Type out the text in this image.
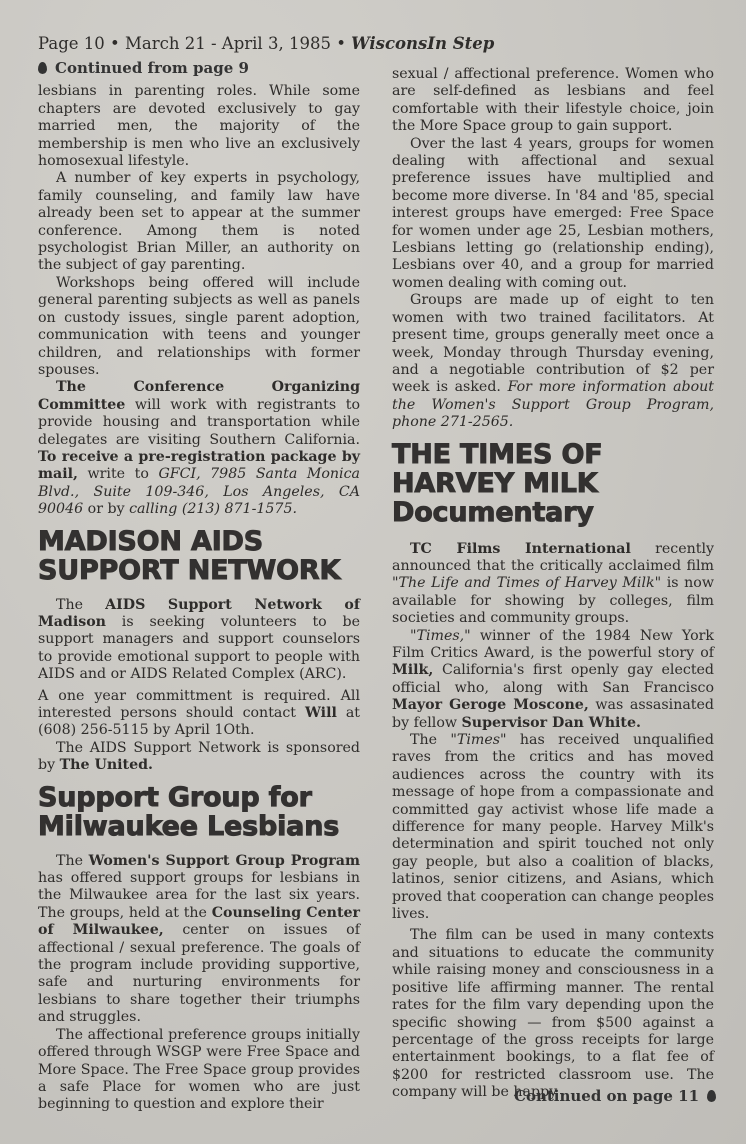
Page 10 • March 21 - April 3, 1985 • WisconsIn Step
Continued from page 9

lesbians in parenting roles. While some chapters are devoted exclusively to gay married men, the majority of the membership is men who live an exclusively homosexual lifestyle.

A number of key experts in psychology, family counseling, and family law have already been set to appear at the summer conference. Among them is noted psychologist Brian Miller, an authority on the subject of gay parenting.

Workshops being offered will include general parenting subjects as well as panels on custody issues, single parent adoption, communication with teens and younger children, and relationships with former spouses.

The Conference Organizing Committee will work with registrants to provide housing and transportation while delegates are visiting Southern California. To receive a pre-registration package by mail, write to GFCI, 7985 Santa Monica Blvd., Suite 109-346, Los Angeles, CA 90046 or by calling (213) 871-1575.

MADISON AIDS SUPPORT NETWORK

The AIDS Support Network of Madison is seeking volunteers to be support managers and support counselors to provide emotional support to people with AIDS and or AIDS Related Complex (ARC).

A one year committment is required. All interested persons should contact Will at (608) 256-5115 by April 1Oth.

The AIDS Support Network is sponsored by The United.

Support Group for Milwaukee Lesbians

The Women's Support Group Program has offered support groups for lesbians in the Milwaukee area for the last six years. The groups, held at the Counseling Center of Milwaukee, center on issues of affectional / sexual preference. The goals of the program include providing supportive, safe and nurturing environments for lesbians to share together their triumphs and struggles.

The affectional preference groups initially offered through WSGP were Free Space and More Space. The Free Space group provides a safe Place for women who are just beginning to question and explore their

sexual / affectional preference. Women who are self-defined as lesbians and feel comfortable with their lifestyle choice, join the More Space group to gain support.

Over the last 4 years, groups for women dealing with affectional and sexual preference issues have multiplied and become more diverse. In '84 and '85, special interest groups have emerged: Free Space for women under age 25, Lesbian mothers, Lesbians letting go (relationship ending), Lesbians over 40, and a group for married women dealing with coming out.

Groups are made up of eight to ten women with two trained facilitators. At present time, groups generally meet once a week, Monday through Thursday evening, and a negotiable contribution of $2 per week is asked. For more information about the Women's Support Group Program, phone 271-2565.

THE TIMES OF HARVEY MILK
Documentary

TC Films International recently announced that the critically acclaimed film "The Life and Times of Harvey Milk" is now available for showing by colleges, film societies and community groups.

"Times," winner of the 1984 New York Film Critics Award, is the powerful story of Milk, California's first openly gay elected official who, along with San Francisco Mayor Geroge Moscone, was assasinated by fellow Supervisor Dan White.

The "Times" has received unqualified raves from the critics and has moved audiences across the country with its message of hope from a compassionate and committed gay activist whose life made a difference for many people. Harvey Milk's determination and spirit touched not only gay people, but also a coalition of blacks, latinos, senior citizens, and Asians, which proved that cooperation can change peoples lives.

The film can be used in many contexts and situations to educate the community while raising money and consciousness in a positive life affirming manner. The rental rates for the film vary depending upon the specific showing — from $500 against a percentage of the gross receipts for large entertainment bookings, to a flat fee of $200 for restricted classroom use. The company will be happy

Continued on page 11
